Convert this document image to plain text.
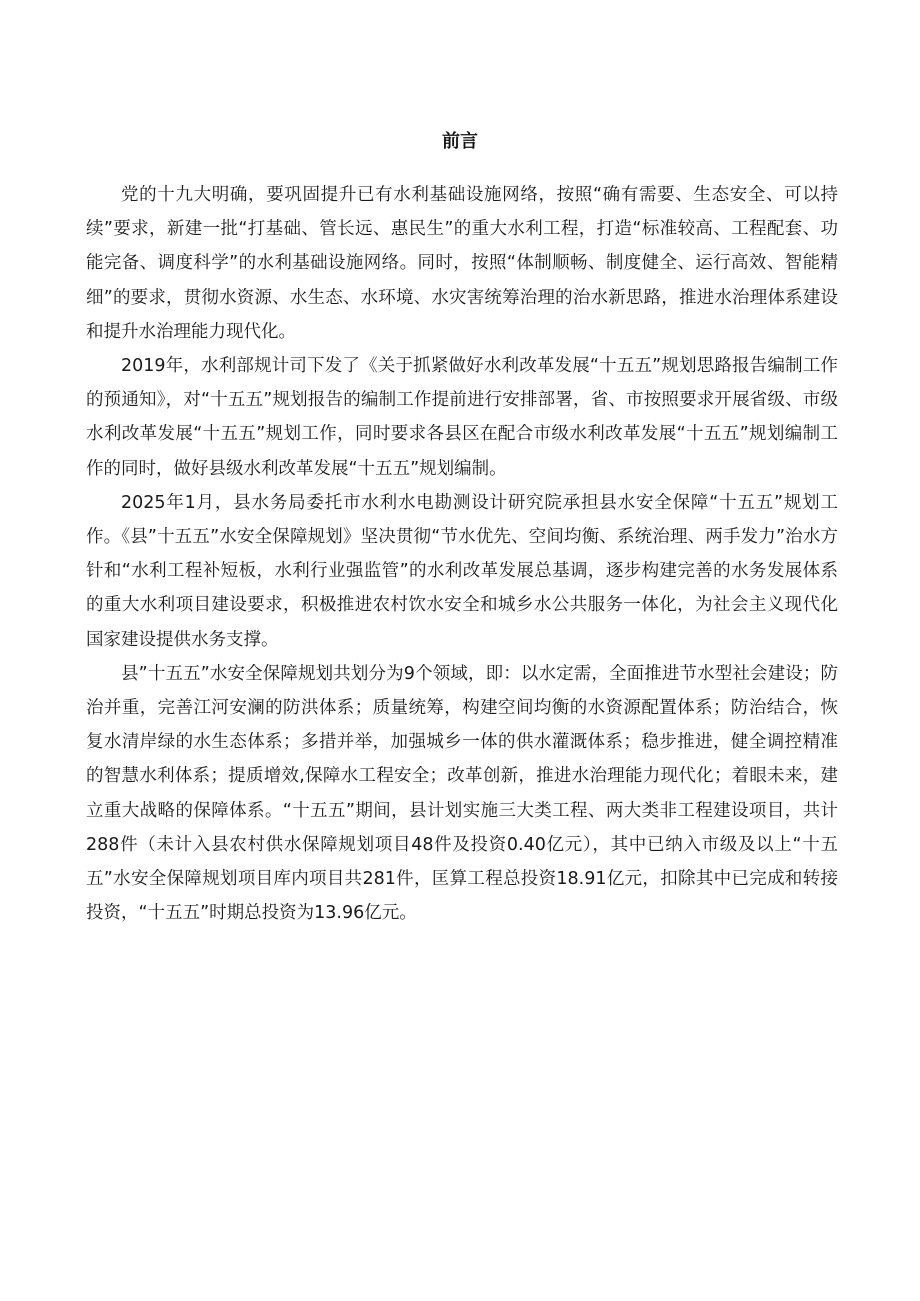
前言

党的十九大明确，要巩固提升已有水利基础设施网络，按照“确有需要、生态安全、可以持续”要求，新建一批“打基础、管长远、惠民生”的重大水利工程，打造“标准较高、工程配套、功能完备、调度科学”的水利基础设施网络。同时，按照“体制顺畅、制度健全、运行高效、智能精细”的要求，贯彻水资源、水生态、水环境、水灾害统筹治理的治水新思路，推进水治理体系建设和提升水治理能力现代化。

2019年，水利部规计司下发了《关于抓紧做好水利改革发展“十五五”规划思路报告编制工作的预通知》，对“十五五”规划报告的编制工作提前进行安排部署，省、市按照要求开展省级、市级水利改革发展“十五五”规划工作，同时要求各县区在配合市级水利改革发展“十五五”规划编制工作的同时，做好县级水利改革发展“十五五”规划编制。

2025年1月，县水务局委托市水利水电勘测设计研究院承担县水安全保障“十五五”规划工作。《县”十五五”水安全保障规划》坚决贯彻“节水优先、空间均衡、系统治理、两手发力”治水方针和“水利工程补短板，水利行业强监管”的水利改革发展总基调，逐步构建完善的水务发展体系的重大水利项目建设要求，积极推进农村饮水安全和城乡水公共服务一体化，为社会主义现代化国家建设提供水务支撑。

县”十五五”水安全保障规划共划分为9个领域，即：以水定需，全面推进节水型社会建设；防治并重，完善江河安澜的防洪体系；质量统筹，构建空间均衡的水资源配置体系；防治结合，恢复水清岸绿的水生态体系；多措并举，加强城乡一体的供水灌溉体系；稳步推进，健全调控精准的智慧水利体系；提质增效,保障水工程安全；改革创新，推进水治理能力现代化；着眼未来，建立重大战略的保障体系。“十五五”期间，县计划实施三大类工程、两大类非工程建设项目，共计288件（未计入县农村供水保障规划项目48件及投资0.40亿元），其中已纳入市级及以上“十五五”水安全保障规划项目库内项目共281件，匡算工程总投资18.91亿元，扣除其中已完成和转接投资，“十五五”时期总投资为13.96亿元。
